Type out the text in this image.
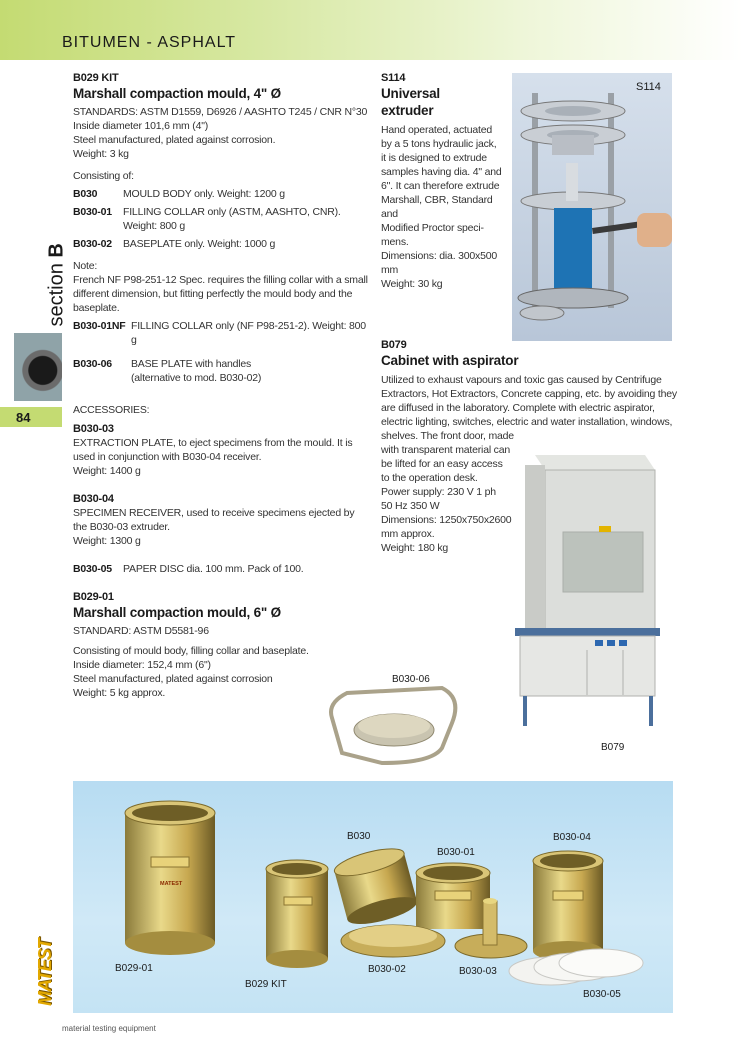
BITUMEN - ASPHALT
section B
84
B029 KIT
Marshall compaction mould, 4" Ø
STANDARDS: ASTM D1559, D6926 / AASHTO T245 / CNR N°30
Inside diameter 101,6 mm (4")
Steel manufactured, plated against corrosion.
Weight: 3 kg
Consisting of:
B030	MOULD BODY only. Weight: 1200 g
B030-01	FILLING COLLAR only (ASTM, AASHTO, CNR).
Weight: 800 g
B030-02	BASEPLATE only. Weight: 1000 g
Note:
French NF P98-251-12 Spec. requires the filling collar with a small different dimension, but fitting perfectly the mould body and the baseplate.
B030-01NF FILLING COLLAR only (NF P98-251-2). Weight: 800 g
B030-06	BASE PLATE with handles
(alternative to mod. B030-02)
ACCESSORIES:
B030-03
EXTRACTION PLATE, to eject specimens from the mould. It is used in conjunction with B030-04 receiver.
Weight: 1400 g
B030-04
SPECIMEN RECEIVER, used to receive specimens ejected by the B030-03 extruder.
Weight: 1300 g
B030-05	PAPER DISC dia. 100 mm. Pack of 100.
B029-01
Marshall compaction mould, 6" Ø
STANDARD: ASTM D5581-96
Consisting of mould body, filling collar and baseplate.
Inside diameter: 152,4 mm (6")
Steel manufactured, plated against corrosion
Weight: 5 kg approx.
S114
Universal
extruder
Hand operated, actuated
by a 5 tons hydraulic jack,
it is designed to extrude
samples having dia. 4" and
6". It can therefore extrude
Marshall, CBR, Standard and
Modified Proctor speci-
mens.
Dimensions: dia. 300x500 mm
Weight: 30 kg
S114
B079
Cabinet with aspirator
Utilized to exhaust vapours and toxic gas caused by Centrifuge
Extractors, Hot Extractors, Concrete capping, etc. by avoiding they
are diffused in the laboratory. Complete with electric aspirator,
electric lighting, switches, electric and water installation, windows,
shelves. The front door, made
with transparent material can
be lifted for an easy access
to the operation desk.
Power supply: 230 V 1 ph
50 Hz 350 W
Dimensions: 1250x750x2600
mm approx.
Weight: 180 kg
B079
B030-06
MATEST
B030
B030-01
B030-04
B029-01
B029 KIT
B030-02	B030-03
B030-05
MATEST
material testing equipment
